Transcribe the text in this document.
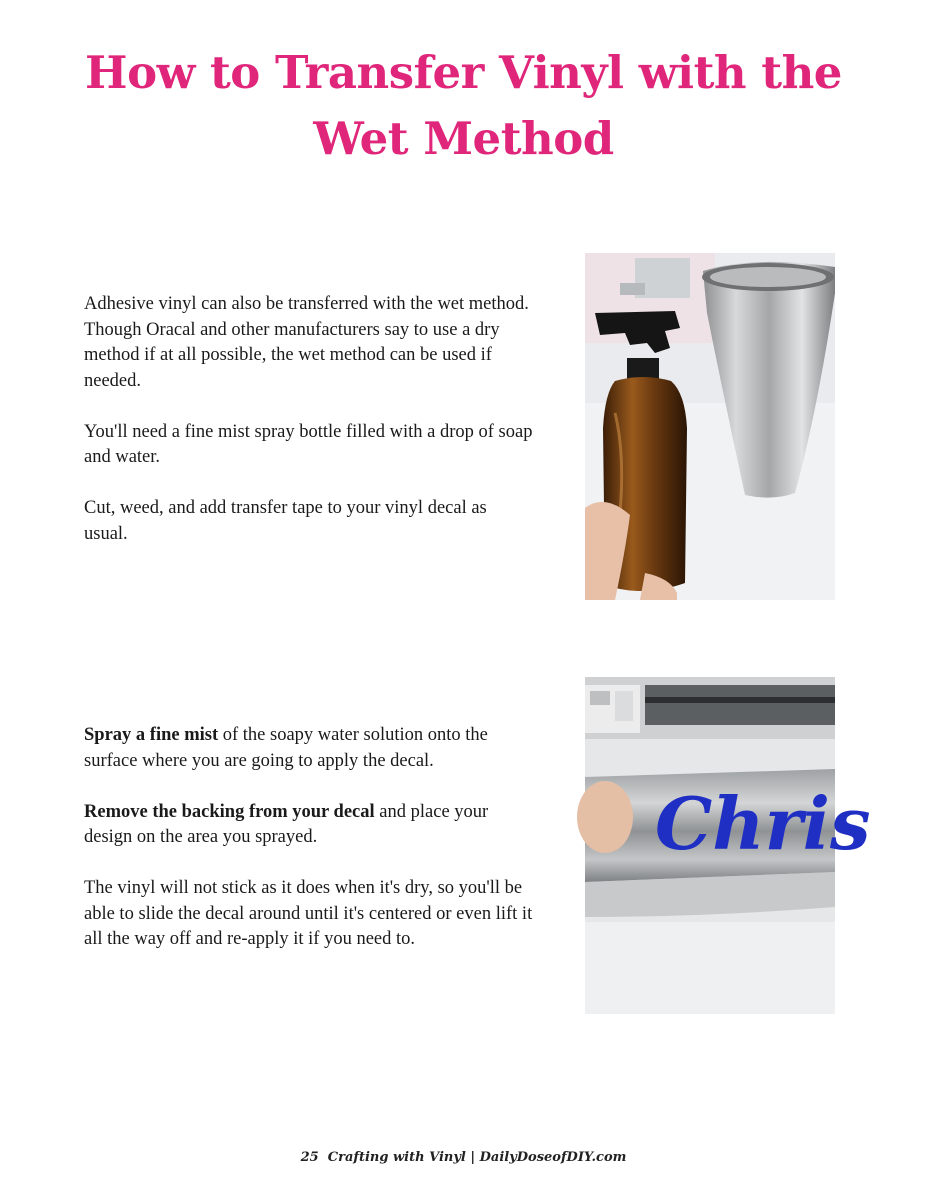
How to Transfer Vinyl with the Wet Method

Adhesive vinyl can also be transferred with the wet method. Though Oracal and other manufacturers say to use a dry method if at all possible, the wet method can be used if needed.

You'll need a fine mist spray bottle filled with a drop of soap and water.

Cut, weed, and add transfer tape to your vinyl decal as usual.

Spray a fine mist of the soapy water solution onto the surface where you are going to apply the decal.

Remove the backing from your decal and place your design on the area you sprayed.

The vinyl will not stick as it does when it's dry, so you'll be able to slide the decal around until it's centered or even lift it all the way off and re-apply it if you need to.

Chris
25 Crafting with Vinyl | DailyDoseofDIY.com
